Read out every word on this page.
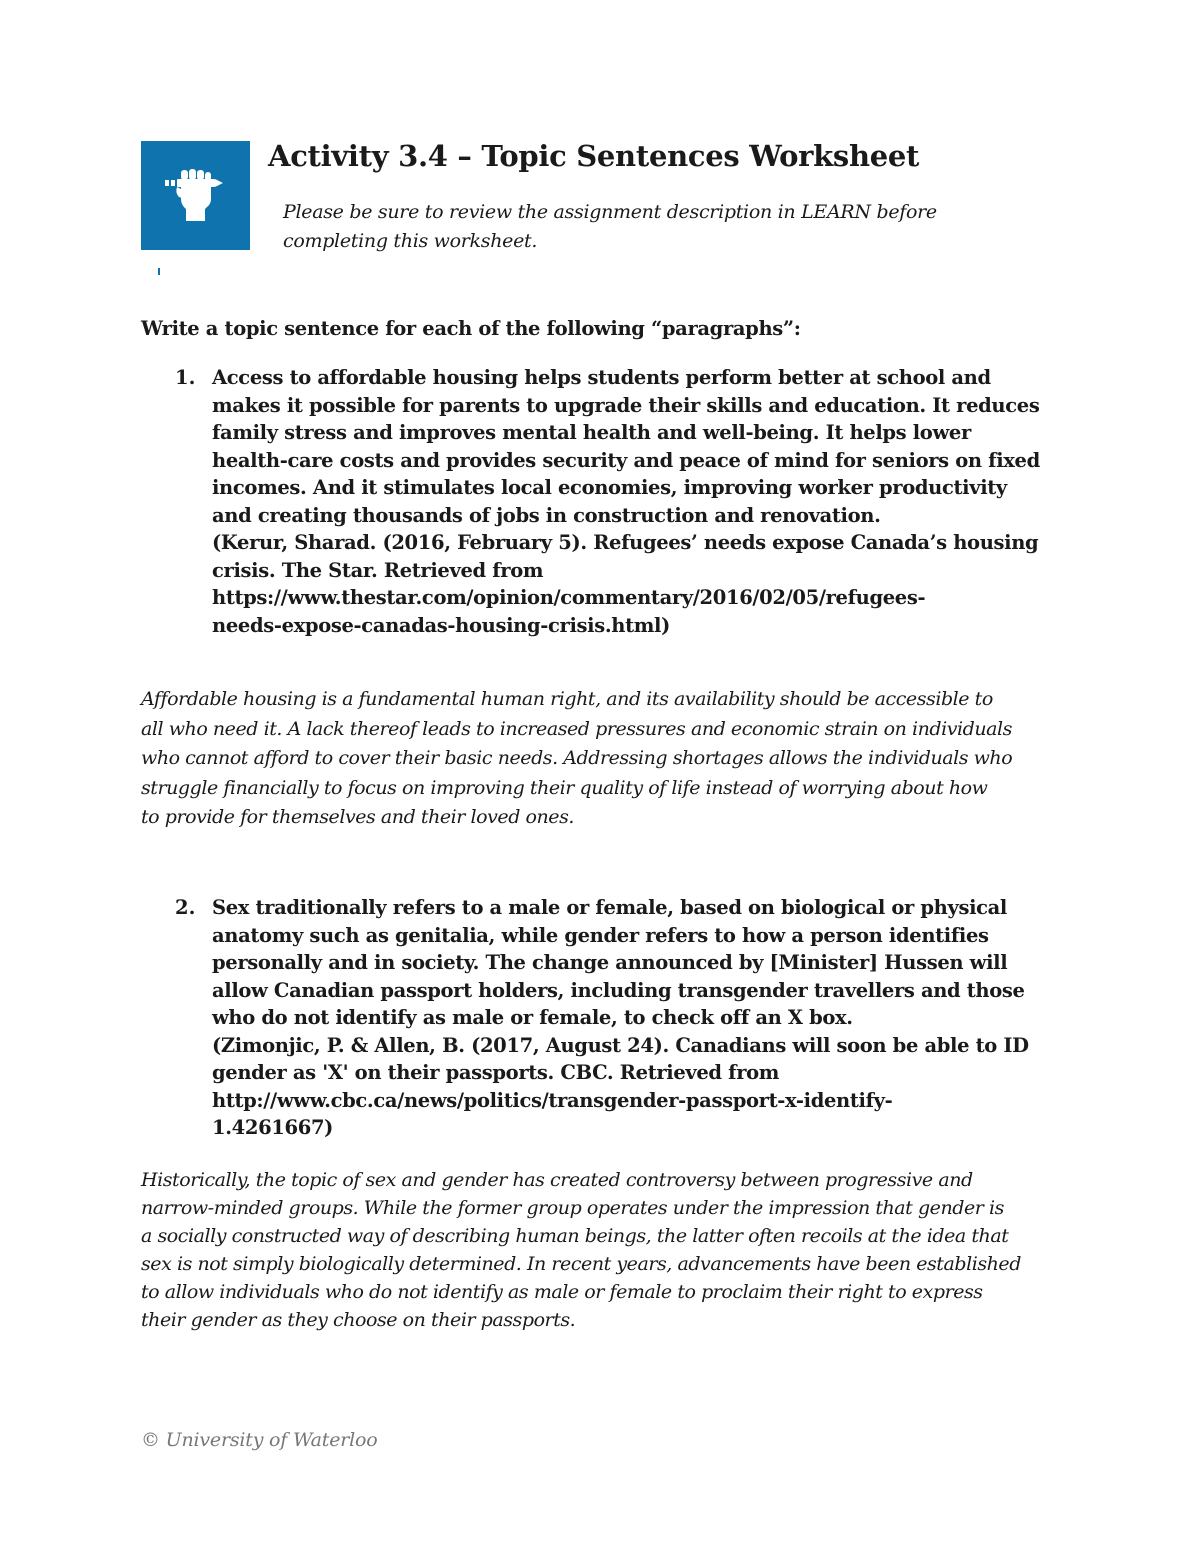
Activity 3.4 – Topic Sentences Worksheet

Please be sure to review the assignment description in LEARN before completing this worksheet.

Write a topic sentence for each of the following “paragraphs”:

1. Access to affordable housing helps students perform better at school and
makes it possible for parents to upgrade their skills and education. It reduces
family stress and improves mental health and well-being. It helps lower
health-care costs and provides security and peace of mind for seniors on fixed
incomes. And it stimulates local economies, improving worker productivity
and creating thousands of jobs in construction and renovation.
(Kerur, Sharad. (2016, February 5). Refugees’ needs expose Canada’s housing
crisis. The Star. Retrieved from
https://www.thestar.com/opinion/commentary/2016/02/05/refugees-
needs-expose-canadas-housing-crisis.html)

Affordable housing is a fundamental human right, and its availability should be accessible to
all who need it. A lack thereof leads to increased pressures and economic strain on individuals
who cannot afford to cover their basic needs. Addressing shortages allows the individuals who
struggle financially to focus on improving their quality of life instead of worrying about how
to provide for themselves and their loved ones.

2. Sex traditionally refers to a male or female, based on biological or physical
anatomy such as genitalia, while gender refers to how a person identifies
personally and in society. The change announced by [Minister] Hussen will
allow Canadian passport holders, including transgender travellers and those
who do not identify as male or female, to check off an X box.
(Zimonjic, P. & Allen, B. (2017, August 24). Canadians will soon be able to ID
gender as 'X' on their passports. CBC. Retrieved from
http://www.cbc.ca/news/politics/transgender-passport-x-identify-
1.4261667)

Historically, the topic of sex and gender has created controversy between progressive and
narrow-minded groups. While the former group operates under the impression that gender is
a socially constructed way of describing human beings, the latter often recoils at the idea that
sex is not simply biologically determined. In recent years, advancements have been established
to allow individuals who do not identify as male or female to proclaim their right to express
their gender as they choose on their passports.

© University of Waterloo
